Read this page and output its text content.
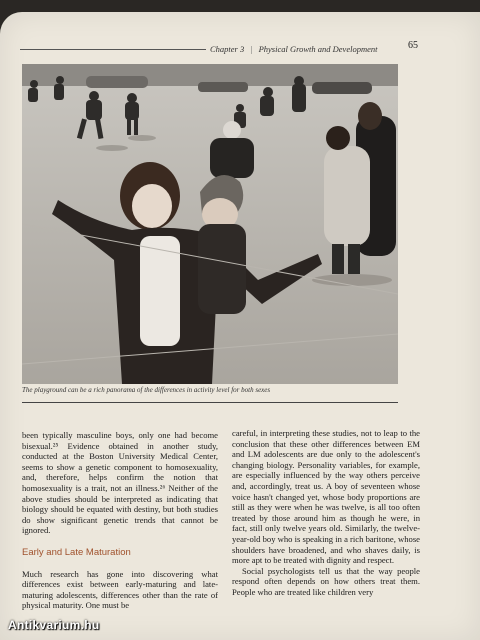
Chapter 3 | Physical Growth and Development	65
The playground can be a rich panorama of the differences in activity level for both sexes

been typically masculine boys, only one had become bisexual.²⁵ Evidence obtained in another study, conducted at the Boston University Medical Center, seems to show a genetic component to homosexuality, and, therefore, helps confirm the notion that homosexuality is a trait, not an illness.²⁶ Neither of the above studies should be interpreted as indicating that biology should be equated with destiny, but both studies do show significant genetic trends that cannot be ignored.

Early and Late Maturation

Much research has gone into discovering what differences exist between early-maturing and late-maturing adolescents, differences other than the rate of physical maturity. One must be

careful, in interpreting these studies, not to leap to the conclusion that these other differences between EM and LM adolescents are due only to the adolescent's changing biology. Personality variables, for example, are especially influenced by the way others perceive and, accordingly, treat us. A boy of seventeen whose voice hasn't changed yet, whose body proportions are still as they were when he was twelve, is all too often treated by those around him as though he were, in fact, still only twelve years old. Similarly, the twelve-year-old boy who is speaking in a rich baritone, whose shoulders have broadened, and who shaves daily, is more apt to be treated with dignity and respect.

Social psychologists tell us that the way people respond often depends on how others treat them. People who are treated like children very

Antikvarium.hu
